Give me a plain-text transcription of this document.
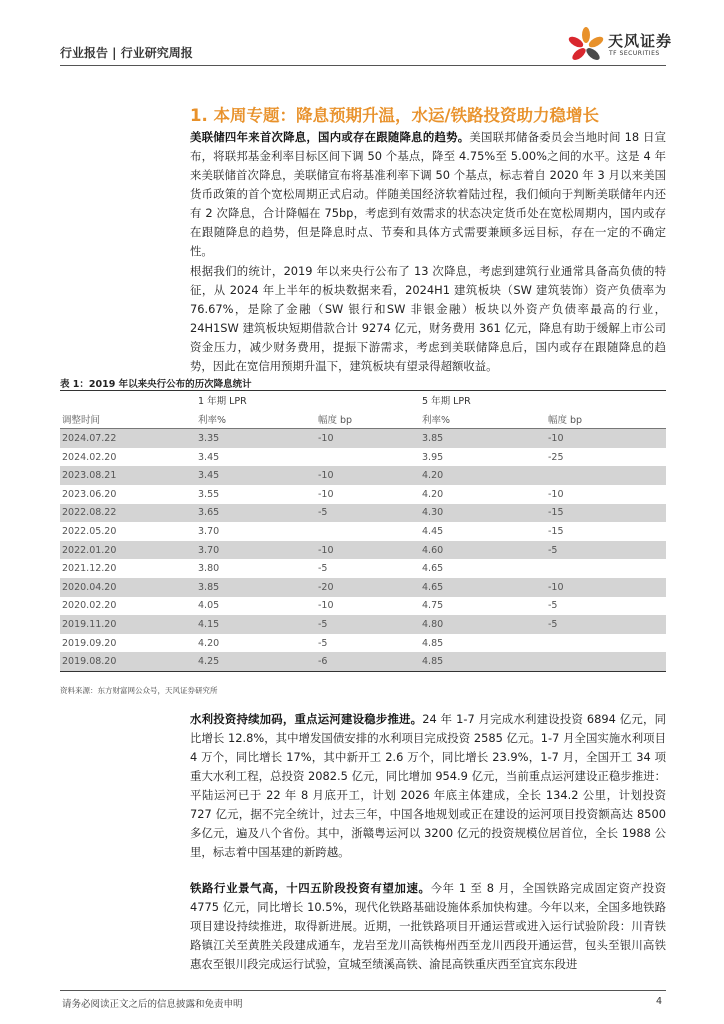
行业报告 | 行业研究周报
天风证券
TF SECURITIES
1. 本周专题：降息预期升温，水运/铁路投资助力稳增长
美联储四年来首次降息，国内或存在跟随降息的趋势。美国联邦储备委员会当地时间 18 日宣布，将联邦基金利率目标区间下调 50 个基点，降至 4.75%至 5.00%之间的水平。这是 4 年来美联储首次降息，美联储宣布将基准利率下调 50 个基点，标志着自 2020 年 3 月以来美国货币政策的首个宽松周期正式启动。伴随美国经济软着陆过程，我们倾向于判断美联储年内还有 2 次降息，合计降幅在 75bp，考虑到有效需求的状态决定货币处在宽松周期内，国内或存在跟随降息的趋势，但是降息时点、节奏和具体方式需要兼顾多远目标，存在一定的不确定性。
根据我们的统计，2019 年以来央行公布了 13 次降息，考虑到建筑行业通常具备高负债的特征，从 2024 年上半年的板块数据来看，2024H1 建筑板块（SW 建筑装饰）资产负债率为 76.67%，是除了金融（SW 银行和SW 非银金融）板块以外资产负债率最高的行业，24H1SW 建筑板块短期借款合计 9274 亿元，财务费用 361 亿元，降息有助于缓解上市公司资金压力，减少财务费用，提振下游需求，考虑到美联储降息后，国内或存在跟随降息的趋势，因此在宽信用预期升温下，建筑板块有望录得超额收益。
表 1：2019 年以来央行公布的历次降息统计
	1 年期 LPR		5 年期 LPR	
调整时间	利率%	幅度 bp	利率%	幅度 bp
2024.07.22	3.35	-10	3.85	-10
2024.02.20	3.45		3.95	-25
2023.08.21	3.45	-10	4.20	
2023.06.20	3.55	-10	4.20	-10
2022.08.22	3.65	-5	4.30	-15
2022.05.20	3.70		4.45	-15
2022.01.20	3.70	-10	4.60	-5
2021.12.20	3.80	-5	4.65	
2020.04.20	3.85	-20	4.65	-10
2020.02.20	4.05	-10	4.75	-5
2019.11.20	4.15	-5	4.80	-5
2019.09.20	4.20	-5	4.85	
2019.08.20	4.25	-6	4.85	
资料来源：东方财富网公众号，天风证券研究所
水利投资持续加码，重点运河建设稳步推进。24 年 1-7 月完成水利建设投资 6894 亿元，同比增长 12.8%，其中增发国债安排的水利项目完成投资 2585 亿元。1-7 月全国实施水利项目 4 万个，同比增长 17%，其中新开工 2.6 万个，同比增长 23.9%，1-7 月，全国开工 34 项重大水利工程，总投资 2082.5 亿元，同比增加 954.9 亿元，当前重点运河建设正稳步推进：平陆运河已于 22 年 8 月底开工，计划 2026 年底主体建成，全长 134.2 公里，计划投资 727 亿元，据不完全统计，过去三年，中国各地规划或正在建设的运河项目投资额高达 8500 多亿元，遍及八个省份。其中，浙赣粤运河以 3200 亿元的投资规模位居首位，全长 1988 公里，标志着中国基建的新跨越。
铁路行业景气高，十四五阶段投资有望加速。今年 1 至 8 月，全国铁路完成固定资产投资 4775 亿元，同比增长 10.5%，现代化铁路基础设施体系加快构建。今年以来，全国多地铁路项目建设持续推进，取得新进展。近期，一批铁路项目开通运营或进入运行试验阶段：川青铁路镇江关至黄胜关段建成通车，龙岩至龙川高铁梅州西至龙川西段开通运营，包头至银川高铁惠农至银川段完成运行试验，宣城至绩溪高铁、渝昆高铁重庆西至宜宾东段进
请务必阅读正文之后的信息披露和免责申明	4
